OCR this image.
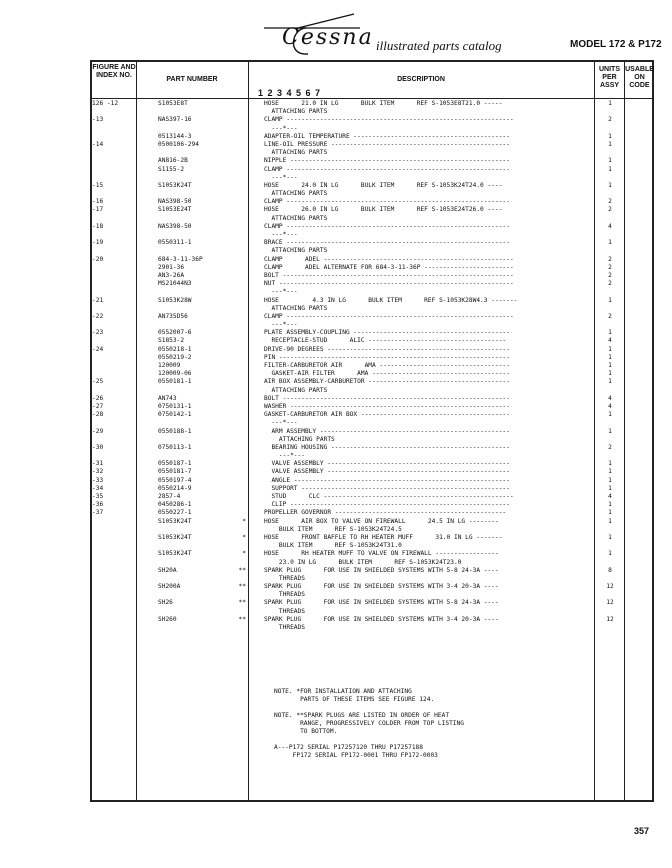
Cessna illustrated parts catalog	MODEL 172 & P172
FIGURE AND INDEX NO.
PART NUMBER	DESCRIPTION
1 2 3 4 5 6 7
UNITS PER ASSY
USABLE ON CODE
126 -12	S1053E8T	HOSE      21.0 IN LG      BULK ITEM      REF S-1053E8T21.0 -----	1
ATTACHING PARTS
-13	NAS397-16	CLAMP -------------------------------------------------------------	2
---*---
0513144-3	ADAPTER-OIL TEMPERATURE ------------------------------------------	1
-14	0500106-294	LINE-OIL PRESSURE ------------------------------------------------	1
ATTACHING PARTS
AN816-2B	NIPPLE -----------------------------------------------------------	1
S1155-2	CLAMP ------------------------------------------------------------	1
---*---
-15	S1053K24T	HOSE      24.0 IN LG      BULK ITEM      REF S-1053K24T24.0 ----	1
ATTACHING PARTS
-16	NAS398-50	CLAMP ------------------------------------------------------------	2
-17	S1053E24T	HOSE      26.0 IN LG      BULK ITEM      REF S-1053E24T26.0 ----	2
ATTACHING PARTS
-18	NAS398-50	CLAMP ------------------------------------------------------------	4
---*---
-19	0550311-1	BRACE ------------------------------------------------------------	1
ATTACHING PARTS
-20	684-3-11-36P	CLAMP      ADEL ---------------------------------------------------	2
2901-36	CLAMP      ADEL ALTERNATE FOR 684-3-11-36P ------------------------	2
AN3-26A	BOLT --------------------------------------------------------------	2
MS21044N3	NUT ---------------------------------------------------------------	2
---*---
-21	S1053K28W	HOSE         4.3 IN LG      BULK ITEM      REF S-1053K28W4.3 -------	1
ATTACHING PARTS
-22	AN735D56	CLAMP -------------------------------------------------------------	2
---*---
-23	0552007-6	PLATE ASSEMBLY-COUPLING ------------------------------------------	1
S1853-2	RECEPTACLE-STUD      ALIC -------------------------------------	4
-24	0550218-1	DRIVE-90 DEGREES -------------------------------------------------	1
0550219-2	PIN --------------------------------------------------------------	1
120009	FILTER-CARBURETOR AIR      AMA -----------------------------------	1
120009-06	GASKET-AIR FILTER      AMA -------------------------------------	1
-25	0550181-1	AIR BOX ASSEMBLY-CARBURETOR --------------------------------------	1
ATTACHING PARTS
-26	AN743	BOLT -------------------------------------------------------------	4
-27	0750131-1	WASHER -----------------------------------------------------------	4
-28	0750142-1	GASKET-CARBURETOR AIR BOX ----------------------------------------	1
---*---
-29	0550188-1	ARM ASSEMBLY ---------------------------------------------------	1
ATTACHING PARTS
-30	0750113-1	BEARING HOUSING ------------------------------------------------	2
---*---
-31	0550187-1	VALVE ASSEMBLY -------------------------------------------------	1
-32	0550181-7	VALVE ASSEMBLY -------------------------------------------------	1
-33	0550197-4	ANGLE ----------------------------------------------------------	1
-34	0550214-9	SUPPORT --------------------------------------------------------	1
-35	2857-4	STUD      CLC ---------------------------------------------------	4
-36	0450286-1	CLIP -----------------------------------------------------------	1
-37	0550227-1	PROPELLER GOVERNOR ----------------------------------------------	1
S1053K24T	*	HOSE      AIR BOX TO VALVE ON FIREWALL      24.5 IN LG --------	1
BULK ITEM      REF S-1053K24T24.5
S1053K24T	*	HOSE      FRONT BAFFLE TO RH HEATER MUFF      31.0 IN LG -------	1
BULK ITEM      REF S-1053K24T31.0
S1053K24T	*	HOSE      RH HEATER MUFF TO VALVE ON FIREWALL -----------------	1
23.0 IN LG      BULK ITEM      REF S-1053K24T23.0
SH20A	**	SPARK PLUG      FOR USE IN SHIELDED SYSTEMS WITH 5-8 24-3A ----	8
THREADS
SH200A	**	SPARK PLUG      FOR USE IN SHIELDED SYSTEMS WITH 3-4 20-3A ----	12
THREADS
SH26	**	SPARK PLUG      FOR USE IN SHIELDED SYSTEMS WITH 5-8 24-3A ----	12
THREADS
SH260	**	SPARK PLUG      FOR USE IN SHIELDED SYSTEMS WITH 3-4 20-3A ----	12
THREADS
NOTE. *FOR INSTALLATION AND ATTACHING
PARTS OF THESE ITEMS SEE FIGURE 124.
NOTE. **SPARK PLUGS ARE LISTED IN ORDER OF HEAT
RANGE, PROGRESSIVELY COLDER FROM TOP LISTING
TO BOTTOM.
A---P172 SERIAL P17257120 THRU P17257188
FP172 SERIAL FP172-0001 THRU FP172-0003
357
